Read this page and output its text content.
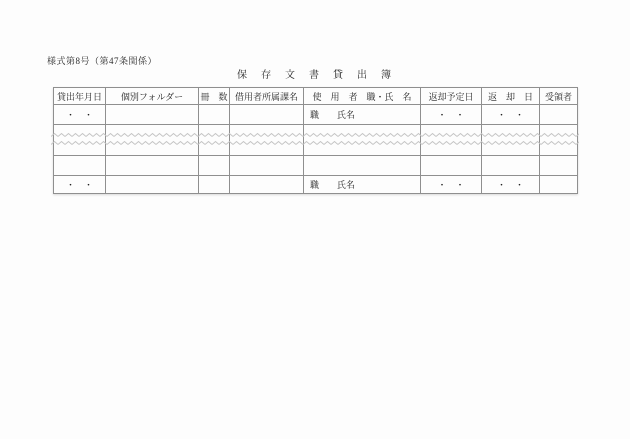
様式第8号（第47条関係）
保　存　文　書　貸　出　簿
貸出年月日	個別フォルダー	冊　数	借用者所属課名	使　用　者　職・氏　名	返却予定日	返　却　日	受領者
・　・				職　　氏名	・　・	・　・	

・　・				職　　氏名	・　・	・　・	
